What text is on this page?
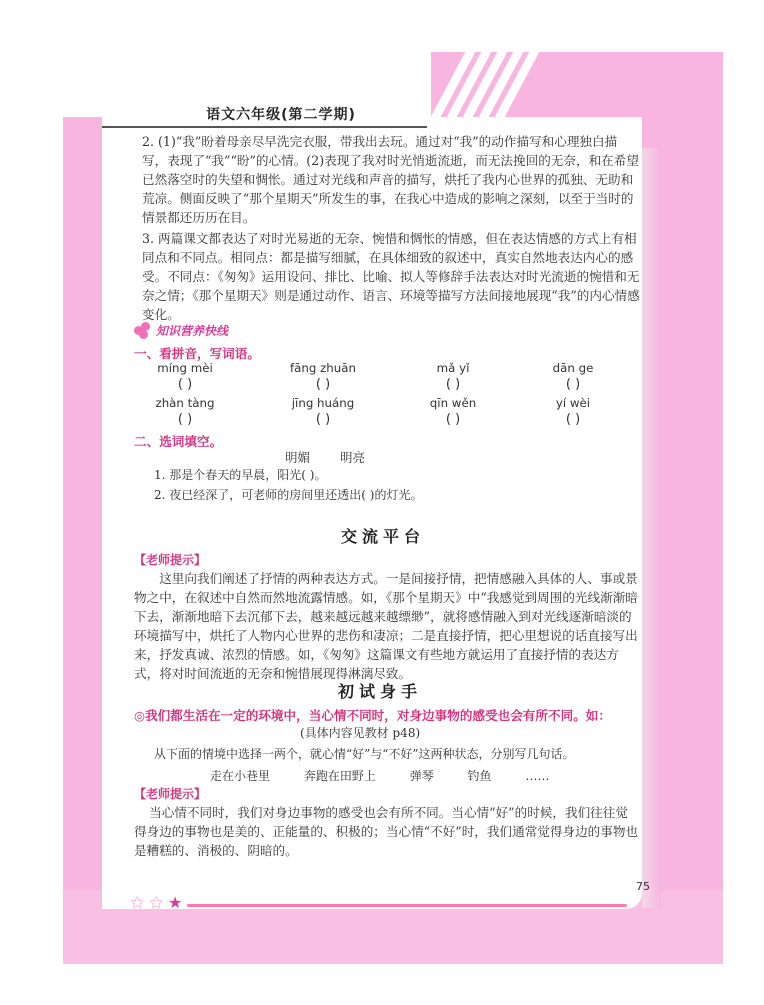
语文六年级(第二学期)

2. (1)“我”盼着母亲尽早洗完衣服，带我出去玩。通过对“我”的动作描写和心理独白描写，表现了“我”“盼”的心情。(2)表现了我对时光悄逝流逝，而无法挽回的无奈，和在希望已然落空时的失望和惆怅。通过对光线和声音的描写，烘托了我内心世界的孤独、无助和荒凉。侧面反映了“那个星期天”所发生的事，在我心中造成的影响之深刻，以至于当时的情景都还历历在目。

3. 两篇课文都表达了对时光易逝的无奈、惋惜和惆怅的情感，但在表达情感的方式上有相同点和不同点。相同点：都是描写细腻，在具体细致的叙述中，真实自然地表达内心的感受。不同点：《匆匆》运用设问、排比、比喻、拟人等修辞手法表达对时光流逝的惋惜和无奈之情；《那个星期天》则是通过动作、语言、环境等描写方法间接地展现“我”的内心情感变化。

知识营养快线
一、看拼音，写词语。
míng mèi	fāng zhuān	mǎ yǐ	dān ge
( )	( )	( )	( )
zhàn tàng	jīng huáng	qīn wěn	yí wèi
( )	( )	( )	( )
二、选词填空。
明媚 明亮
1. 那是个春天的早晨，阳光( )。
2. 夜已经深了，可老师的房间里还透出( )的灯光。
交流平台
【老师提示】

这里向我们阐述了抒情的两种表达方式。一是间接抒情，把情感融入具体的人、事或景物之中，在叙述中自然而然地流露情感。如，《那个星期天》中“我感觉到周围的光线渐渐暗下去，渐渐地暗下去沉郁下去，越来越远越来越缥缈”，就将感情融入到对光线逐渐暗淡的环境描写中，烘托了人物内心世界的悲伤和凄凉；二是直接抒情，把心里想说的话直接写出来，抒发真诚、浓烈的情感。如，《匆匆》这篇课文有些地方就运用了直接抒情的表达方式，将对时间流逝的无奈和惋惜展现得淋漓尽致。

初试身手
◎我们都生活在一定的环境中，当心情不同时，对身边事物的感受也会有所不同。如：
(具体内容见教材 p48)
从下面的情境中选择一两个，就心情“好”与“不好”这两种状态，分别写几句话。
走在小巷里	奔跑在田野上	弹琴	钓鱼	……
【老师提示】

当心情不同时，我们对身边事物的感受也会有所不同。当心情“好”的时候，我们往往觉得身边的事物也是美的、正能量的、积极的；当心情“不好”时，我们通常觉得身边的事物也是糟糕的、消极的、阴暗的。

★ ★ ★
75
